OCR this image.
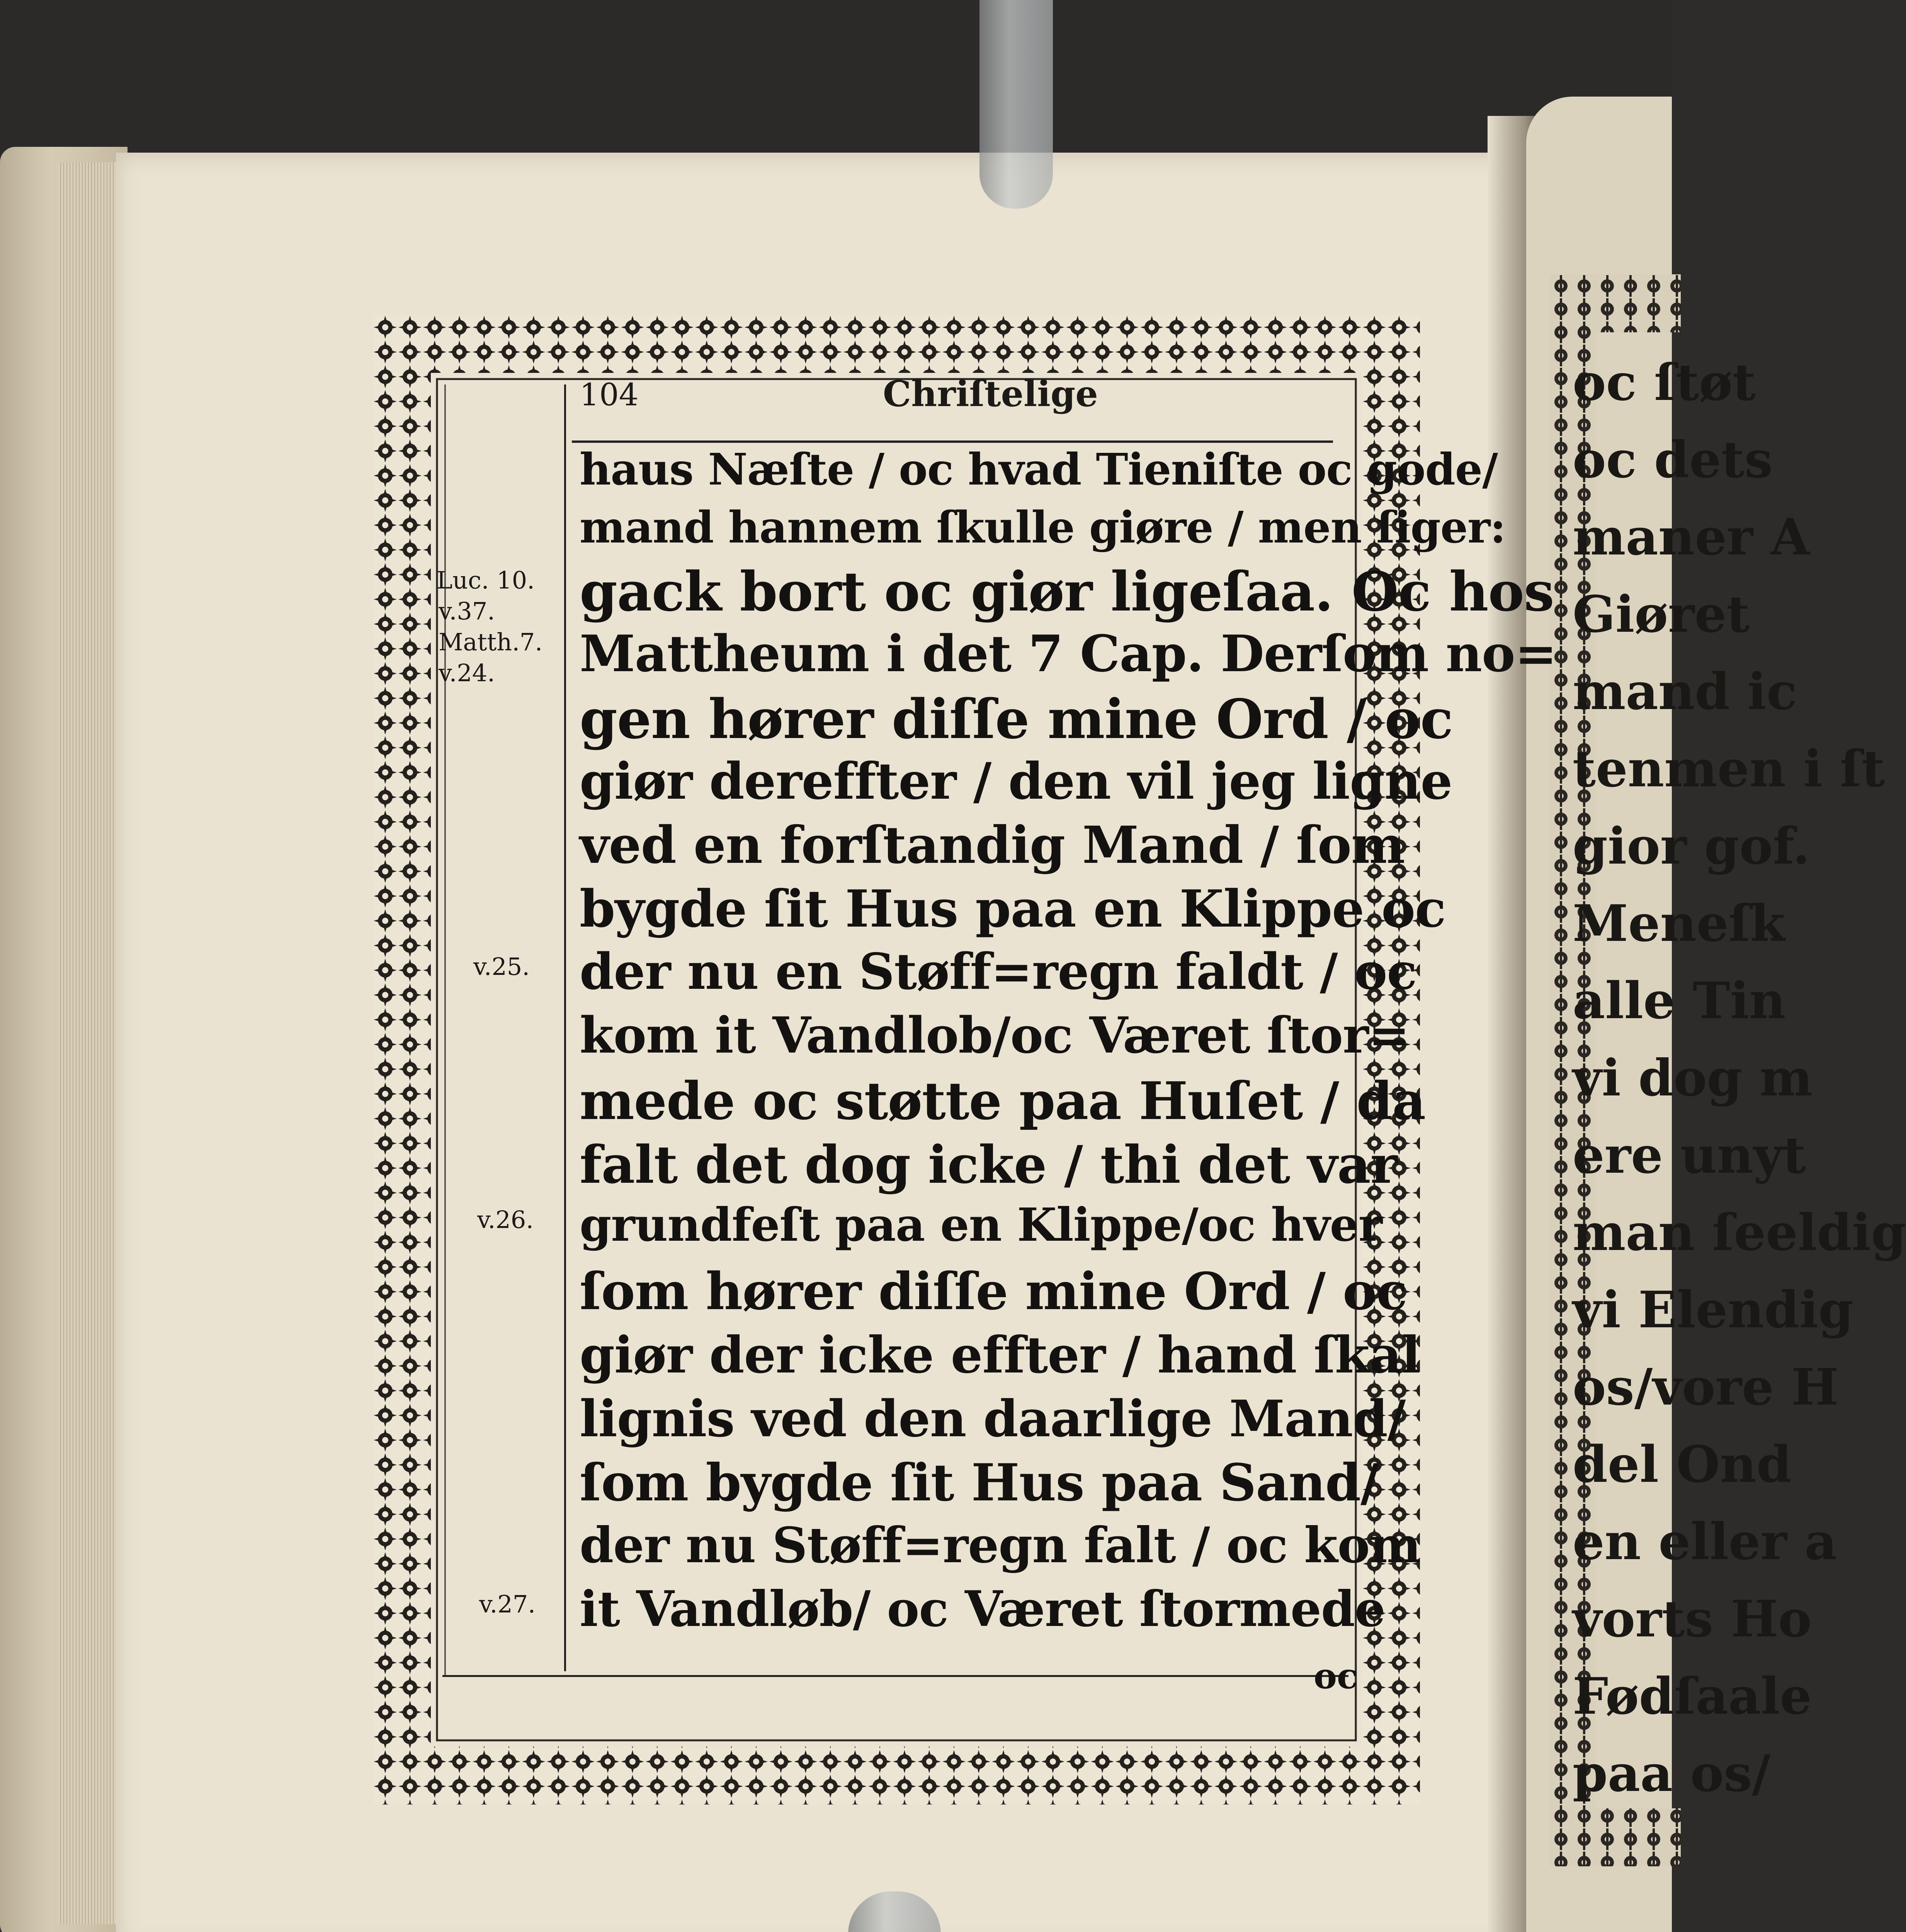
oc ſtøt
oc dets
maner A
Giøret
mand ic
tenmen i ſt
gior gof.
Meneſk
alle Tin
vi dog m
ere unyt
man ſeeldig
vi Elendig
os/vore H
del Ond
en eller a
vorts Ho
Fødſaale
paa os/
104	Chriſtelige
haus Næſte / oc hvad Tieniſte oc gode/
mand hannem ſkulle giøre / men ſiger:
gack bort oc giør ligeſaa. Oc hos
Mattheum i det 7 Cap. Derſom no=
gen hører diſſe mine Ord / oc
giør dereffter / den vil jeg ligne
ved en forſtandig Mand / ſom
bygde ſit Hus paa en Klippe oc
der nu en Støff=regn faldt / oc
kom it Vandlob/oc Været ſtor=
mede oc støtte paa Huſet / da
falt det dog icke / thi det var
grundfeſt paa en Klippe/oc hver
ſom hører diſſe mine Ord / oc
giør der icke effter / hand ſkal
lignis ved den daarlige Mand/
ſom bygde ſit Hus paa Sand/
der nu Støff=regn falt / oc kom
it Vandløb/ oc Været ſtormede
Luc. 10.
v.37.
Matth.7.
v.24.
v.25.
v.26.
v.27.
oc
